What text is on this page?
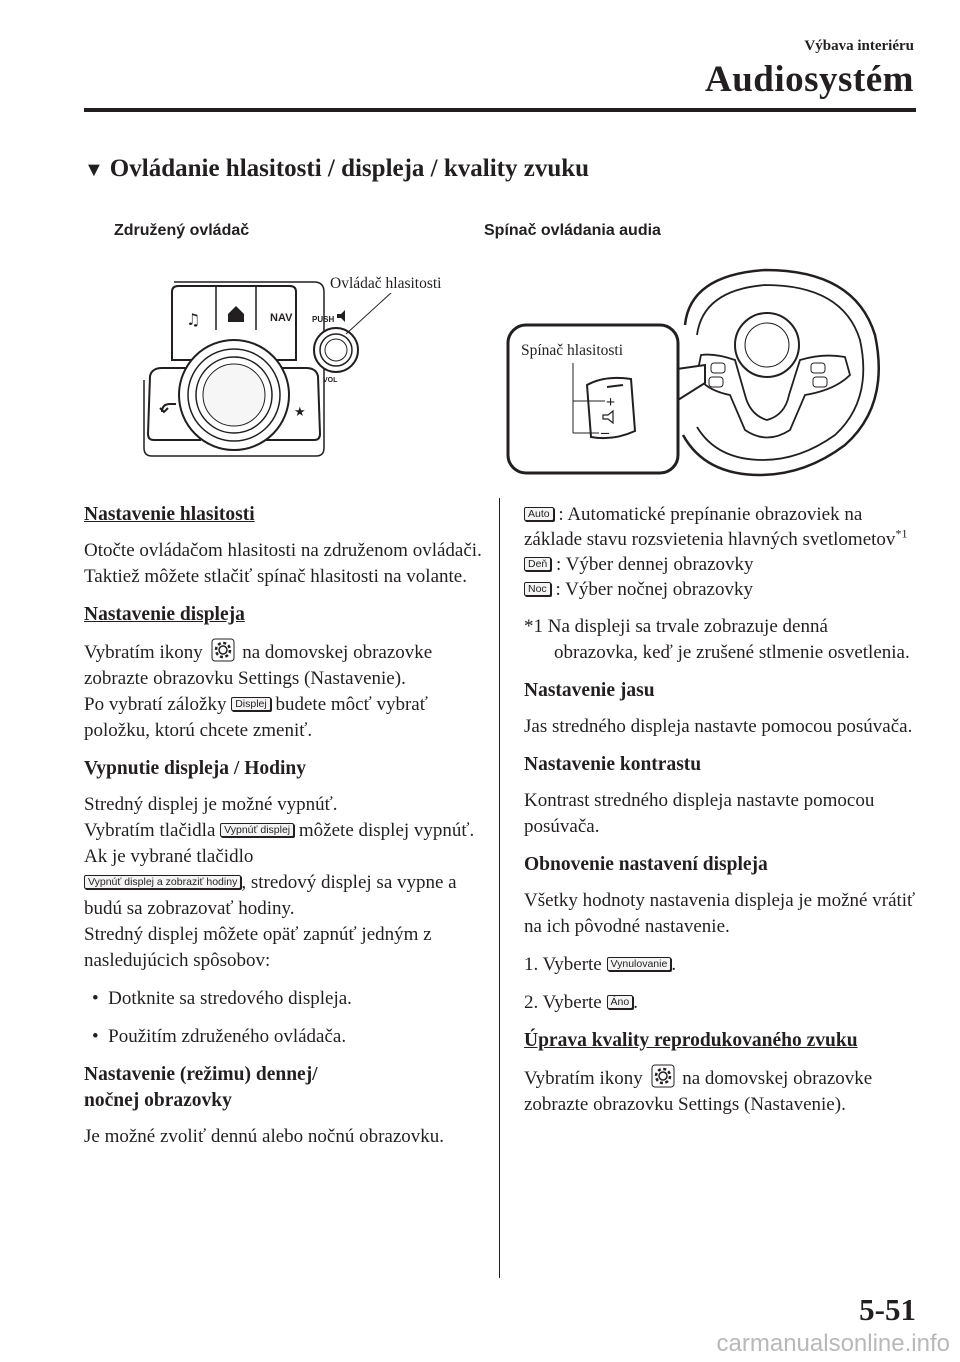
Výbava interiéru
Audiosystém
▼ Ovládanie hlasitosti / displeja / kvality zvuku
Združený ovládač	Spínač ovládania audia
♫	NAV
★
PUSH
VOL
Ovládač hlasitosti
+
–
Spínač hlasitosti
Nastavenie hlasitosti

Otočte ovládačom hlasitosti na združenom ovládači. Taktiež môžete stlačiť spínač hlasitosti na volante.

Nastavenie displeja

Vybratím ikony na domovskej obrazovke zobrazte obrazovku Settings (Nastavenie).
Po vybratí záložky Displej budete môcť vybrať položku, ktorú chcete zmeniť.

Vypnutie displeja / Hodiny

Stredný displej je možné vypnúť.
Vybratím tlačidla Vypnúť displej môžete displej vypnúť.
Ak je vybrané tlačidlo
Vypnúť displej a zobraziť hodiny , stredový displej sa vypne a budú sa zobrazovať hodiny.
Stredný displej môžete opäť zapnúť jedným z nasledujúcich spôsobov:

•  Dotknite sa stredového displeja.

•  Použitím združeného ovládača.

Nastavenie (režimu) dennej/
nočnej obrazovky

Je možné zvoliť dennú alebo nočnú obrazovku.

Auto : Automatické prepínanie obrazoviek na základe stavu rozsvietenia hlavných svetlometov$^{*1}$
Deň : Výber dennej obrazovky
Noc : Výber nočnej obrazovky

*1 Na displeji sa trvale zobrazuje denná obrazovka, keď je zrušené stlmenie osvetlenia.

Nastavenie jasu

Jas stredného displeja nastavte pomocou posúvača.

Nastavenie kontrastu

Kontrast stredného displeja nastavte pomocou posúvača.

Obnovenie nastavení displeja

Všetky hodnoty nastavenia displeja je možné vrátiť na ich pôvodné nastavenie.

1. Vyberte Vynulovanie .

2. Vyberte Áno .

Úprava kvality reprodukovaného zvuku

Vybratím ikony na domovskej obrazovke zobrazte obrazovku Settings (Nastavenie).

5-51
carmanualsonline.info
